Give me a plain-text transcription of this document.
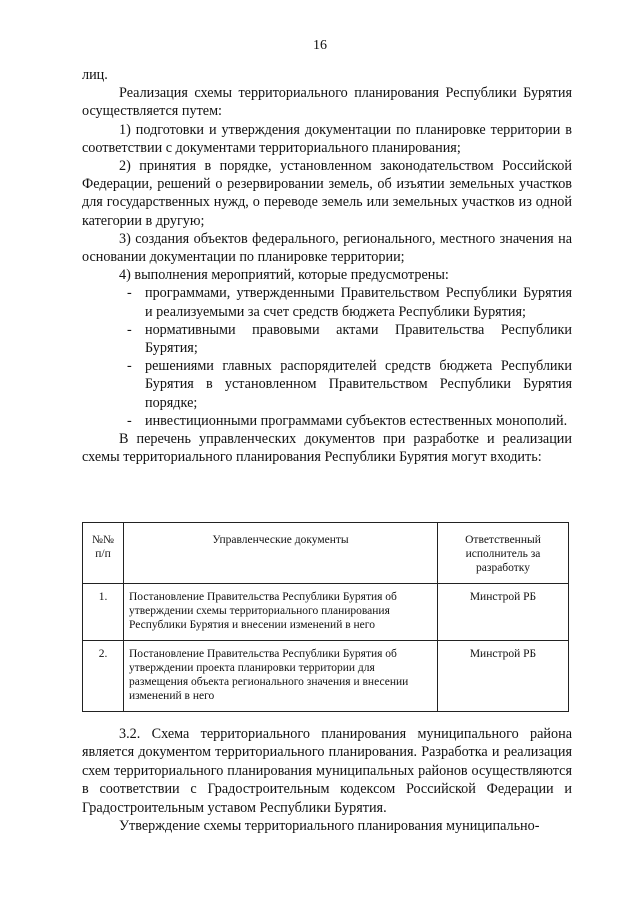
16

лиц.

Реализация схемы территориального планирования Республики Бурятия осуществляется путем:

1) подготовки и утверждения документации по планировке территории в соответствии с документами территориального планирования;

2) принятия в порядке, установленном законодательством Российской Федерации, решений о резервировании земель, об изъятии земельных участков для государственных нужд, о переводе земель или земельных участков из одной категории в другую;

3) создания объектов федерального, регионального, местного значения на основании документации по планировке территории;

4) выполнения мероприятий, которые предусмотрены:

- программами, утвержденными Правительством Республики Бурятия и реализуемыми за счет средств бюджета Республики Бурятия;

- нормативными правовыми актами Правительства Республики Бурятия;

- решениями главных распорядителей средств бюджета Республики Бурятия в установленном Правительством Республики Бурятия порядке;

- инвестиционными программами субъектов естественных монополий.

В перечень управленческих документов при разработке и реализации схемы территориального планирования Республики Бурятия могут входить:

№№ п/п	Управленческие документы	Ответственный исполнитель за разработку
1.	Постановление Правительства Республики Бурятия об утверждении схемы территориального планирования Республики Бурятия и внесении изменений в него	Минстрой РБ
2.	Постановление Правительства Республики Бурятия об утверждении проекта планировки территории для размещения объекта регионального значения и внесении изменений в него	Минстрой РБ

3.2. Схема территориального планирования муниципального района является документом территориального планирования. Разработка и реализация схем территориального планирования муниципальных районов осуществляются в соответствии с Градостроительным кодексом Российской Федерации и Градостроительным уставом Республики Бурятия.

Утверждение схемы территориального планирования муниципально-
